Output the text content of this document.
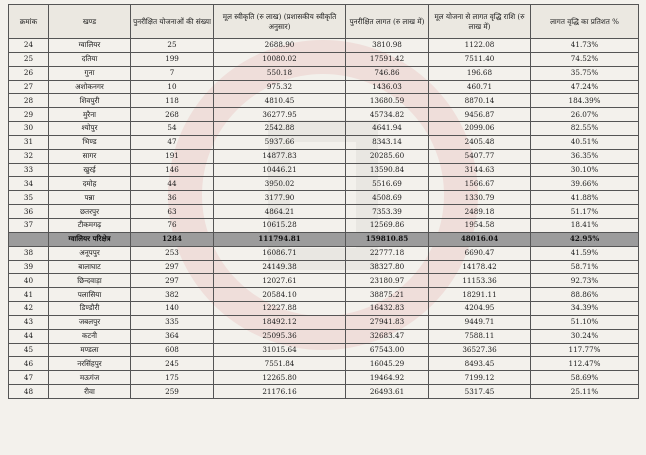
क्रमांक	खण्ड	पुनरीक्षित योजनाओं की संख्या	मूल स्वीकृति (रु लाख) (प्रशासकीय स्वीकृति अनुसार)	पुनरीक्षित लागत (रु लाख में)	मूल योजना से लागत वृद्धि राशि (रु लाख में)	लागत वृद्धि का प्रतिशत %
24	ग्वालियर	25	2688.90	3810.98	1122.08	41.73%
25	दतिया	199	10080.02	17591.42	7511.40	74.52%
26	गुना	7	550.18	746.86	196.68	35.75%
27	अशोकनगर	10	975.32	1436.03	460.71	47.24%
28	शिवपुरी	118	4810.45	13680.59	8870.14	184.39%
29	मुरैना	268	36277.95	45734.82	9456.87	26.07%
30	श्योपुर	54	2542.88	4641.94	2099.06	82.55%
31	भिण्ड	47	5937.66	8343.14	2405.48	40.51%
32	सागर	191	14877.83	20285.60	5407.77	36.35%
33	खुरई	146	10446.21	13590.84	3144.63	30.10%
34	दमोह	44	3950.02	5516.69	1566.67	39.66%
35	पन्ना	36	3177.90	4508.69	1330.79	41.88%
36	छतरपुर	63	4864.21	7353.39	2489.18	51.17%
37	टीकमगढ़	76	10615.28	12569.86	1954.58	18.41%
	ग्वालियर परिक्षेत्र	1284	111794.81	159810.85	48016.04	42.95%
38	अनूपपुर	253	16086.71	22777.18	6690.47	41.59%
39	बालाघाट	297	24149.38	38327.80	14178.42	58.71%
40	छिन्दवाड़ा	297	12027.61	23180.97	11153.36	92.73%
41	पलासिया	382	20584.10	38875.21	18291.11	88.86%
42	डिण्डौरी	140	12227.88	16432.83	4204.95	34.39%
43	जबलपुर	335	18492.12	27941.83	9449.71	51.10%
44	कटनी	364	25095.36	32683.47	7588.11	30.24%
45	मण्डला	608	31015.64	67543.00	36527.36	117.77%
46	नरसिंहपुर	245	7551.84	16045.29	8493.45	112.47%
47	मऊगंज	175	12265.80	19464.92	7199.12	58.69%
48	रीवा	259	21176.16	26493.61	5317.45	25.11%
